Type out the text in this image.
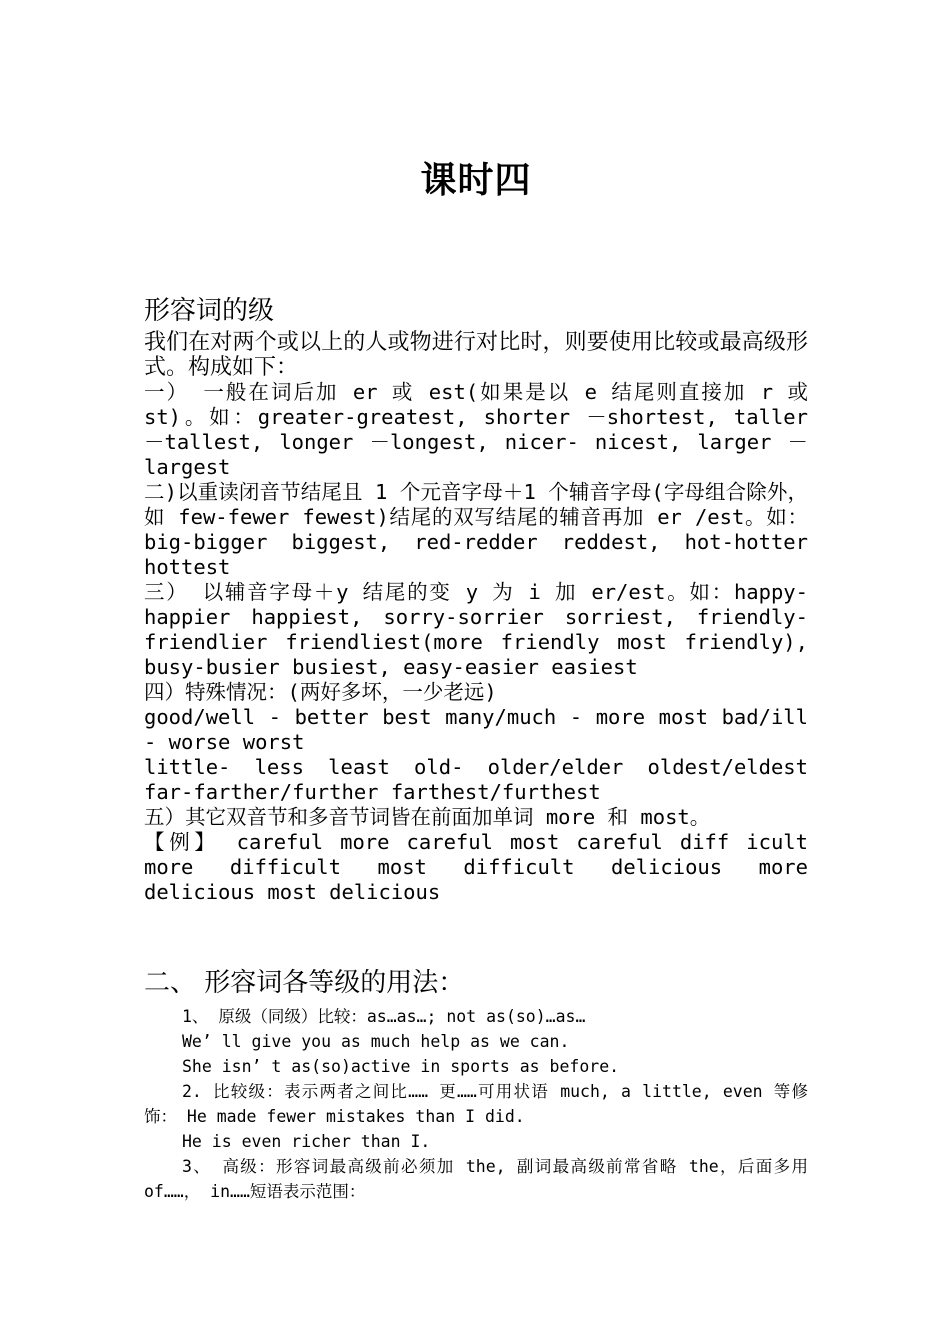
课时四
形容词的级

我们在对两个或以上的人或物进行对比时，则要使用比较或最高级形式。构成如下：

一） 一般在词后加 er 或 est(如果是以 e 结尾则直接加 r 或 st)。如：greater-greatest, shorter －shortest, taller －tallest, longer －longest, nicer- nicest, larger －largest

二)以重读闭音节结尾且 1 个元音字母＋1 个辅音字母(字母组合除外，如 few-fewer fewest)结尾的双写结尾的辅音再加 er /est。如：big-bigger biggest, red-redder reddest, hot-hotter hottest

三） 以辅音字母＋y 结尾的变 y 为 i 加 er/est。如：happy-happier happiest, sorry-sorrier sorriest, friendly-friendlier friendliest(more friendly most friendly), busy-busier busiest, easy-easier easiest

四）特殊情况：(两好多坏，一少老远)

good/well - better best many/much - more most bad/ill - worse worst

little- less least old- older/elder oldest/eldest far-farther/further farthest/furthest

五）其它双音节和多音节词皆在前面加单词 more 和 most。

【例】 careful more careful most careful diff icult more difficult most difficult delicious more delicious most delicious

二、 形容词各等级的用法：

1、 原级（同级）比较：as…as…; not as(so)…as…

We’ ll give you as much help as we can.

She isn’ t as(so)active in sports as before.

2. 比较级：表示两者之间比…… 更……可用状语 much, a little, even 等修饰： He made fewer mistakes than I did.

He is even richer than I.

3、 高级：形容词最高级前必须加 the, 副词最高级前常省略 the，后面多用 of……， in……短语表示范围：
